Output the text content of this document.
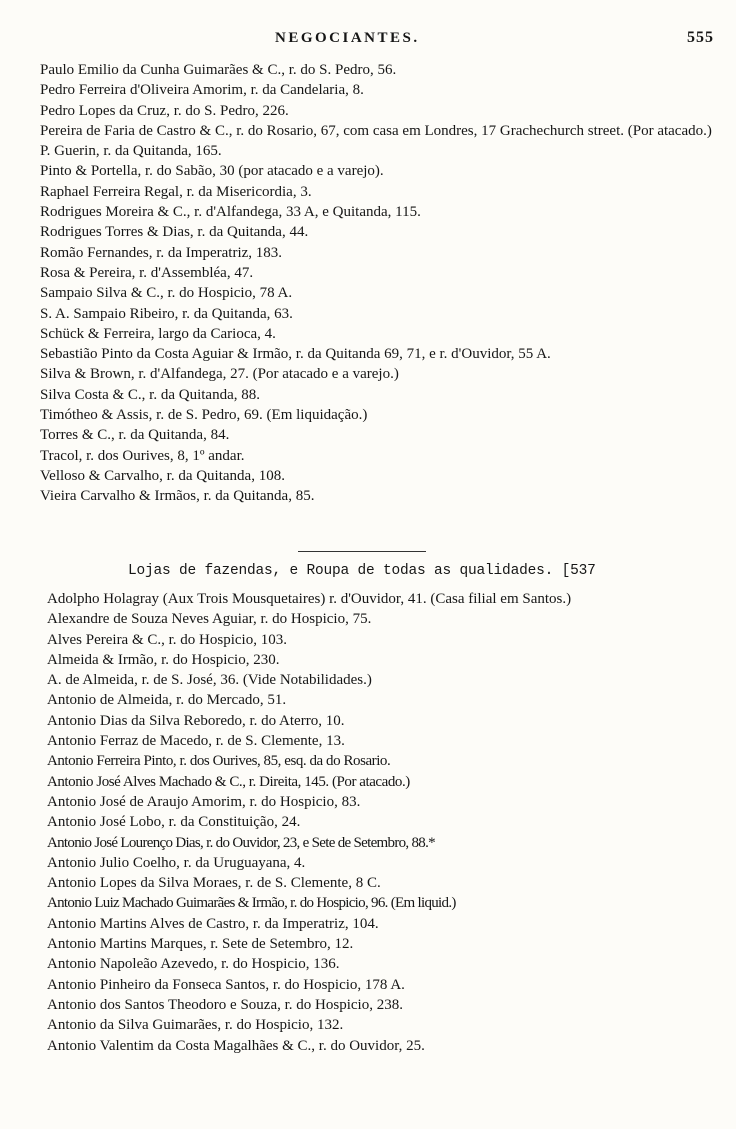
NEGOCIANTES.	555
Paulo Emilio da Cunha Guimarães & C., r. do S. Pedro, 56.
Pedro Ferreira d'Oliveira Amorim, r. da Candelaria, 8.
Pedro Lopes da Cruz, r. do S. Pedro, 226.
Pereira de Faria de Castro & C., r. do Rosario, 67, com casa em Londres, 17 Grachechurch street. (Por atacado.)
P. Guerin, r. da Quitanda, 165.
Pinto & Portella, r. do Sabão, 30 (por atacado e a varejo).
Raphael Ferreira Regal, r. da Misericordia, 3.
Rodrigues Moreira & C., r. d'Alfandega, 33 A, e Quitanda, 115.
Rodrigues Torres & Dias, r. da Quitanda, 44.
Romão Fernandes, r. da Imperatriz, 183.
Rosa & Pereira, r. d'Assembléa, 47.
Sampaio Silva & C., r. do Hospicio, 78 A.
S. A. Sampaio Ribeiro, r. da Quitanda, 63.
Schück & Ferreira, largo da Carioca, 4.
Sebastião Pinto da Costa Aguiar & Irmão, r. da Quitanda 69, 71, e r. d'Ouvidor, 55 A.
Silva & Brown, r. d'Alfandega, 27. (Por atacado e a varejo.)
Silva Costa & C., r. da Quitanda, 88.
Timótheo & Assis, r. de S. Pedro, 69. (Em liquidação.)
Torres & C., r. da Quitanda, 84.
Tracol, r. dos Ourives, 8, 1º andar.
Velloso & Carvalho, r. da Quitanda, 108.
Vieira Carvalho & Irmãos, r. da Quitanda, 85.
Lojas de fazendas, e Roupa de todas as qualidades. [537
Adolpho Holagray (Aux Trois Mousquetaires) r. d'Ouvidor, 41. (Casa filial em Santos.)
Alexandre de Souza Neves Aguiar, r. do Hospicio, 75.
Alves Pereira & C., r. do Hospicio, 103.
Almeida & Irmão, r. do Hospicio, 230.
A. de Almeida, r. de S. José, 36. (Vide Notabilidades.)
Antonio de Almeida, r. do Mercado, 51.
Antonio Dias da Silva Reboredo, r. do Aterro, 10.
Antonio Ferraz de Macedo, r. de S. Clemente, 13.
Antonio Ferreira Pinto, r. dos Ourives, 85, esq. da do Rosario.
Antonio José Alves Machado & C., r. Direita, 145. (Por atacado.)
Antonio José de Araujo Amorim, r. do Hospicio, 83.
Antonio José Lobo, r. da Constituição, 24.
Antonio José Lourenço Dias, r. do Ouvidor, 23, e Sete de Setembro, 88.*
Antonio Julio Coelho, r. da Uruguayana, 4.
Antonio Lopes da Silva Moraes, r. de S. Clemente, 8 C.
Antonio Luiz Machado Guimarães & Irmão, r. do Hospicio, 96. (Em liquid.)
Antonio Martins Alves de Castro, r. da Imperatriz, 104.
Antonio Martins Marques, r. Sete de Setembro, 12.
Antonio Napoleão Azevedo, r. do Hospicio, 136.
Antonio Pinheiro da Fonseca Santos, r. do Hospicio, 178 A.
Antonio dos Santos Theodoro e Souza, r. do Hospicio, 238.
Antonio da Silva Guimarães, r. do Hospicio, 132.
Antonio Valentim da Costa Magalhães & C., r. do Ouvidor, 25.
